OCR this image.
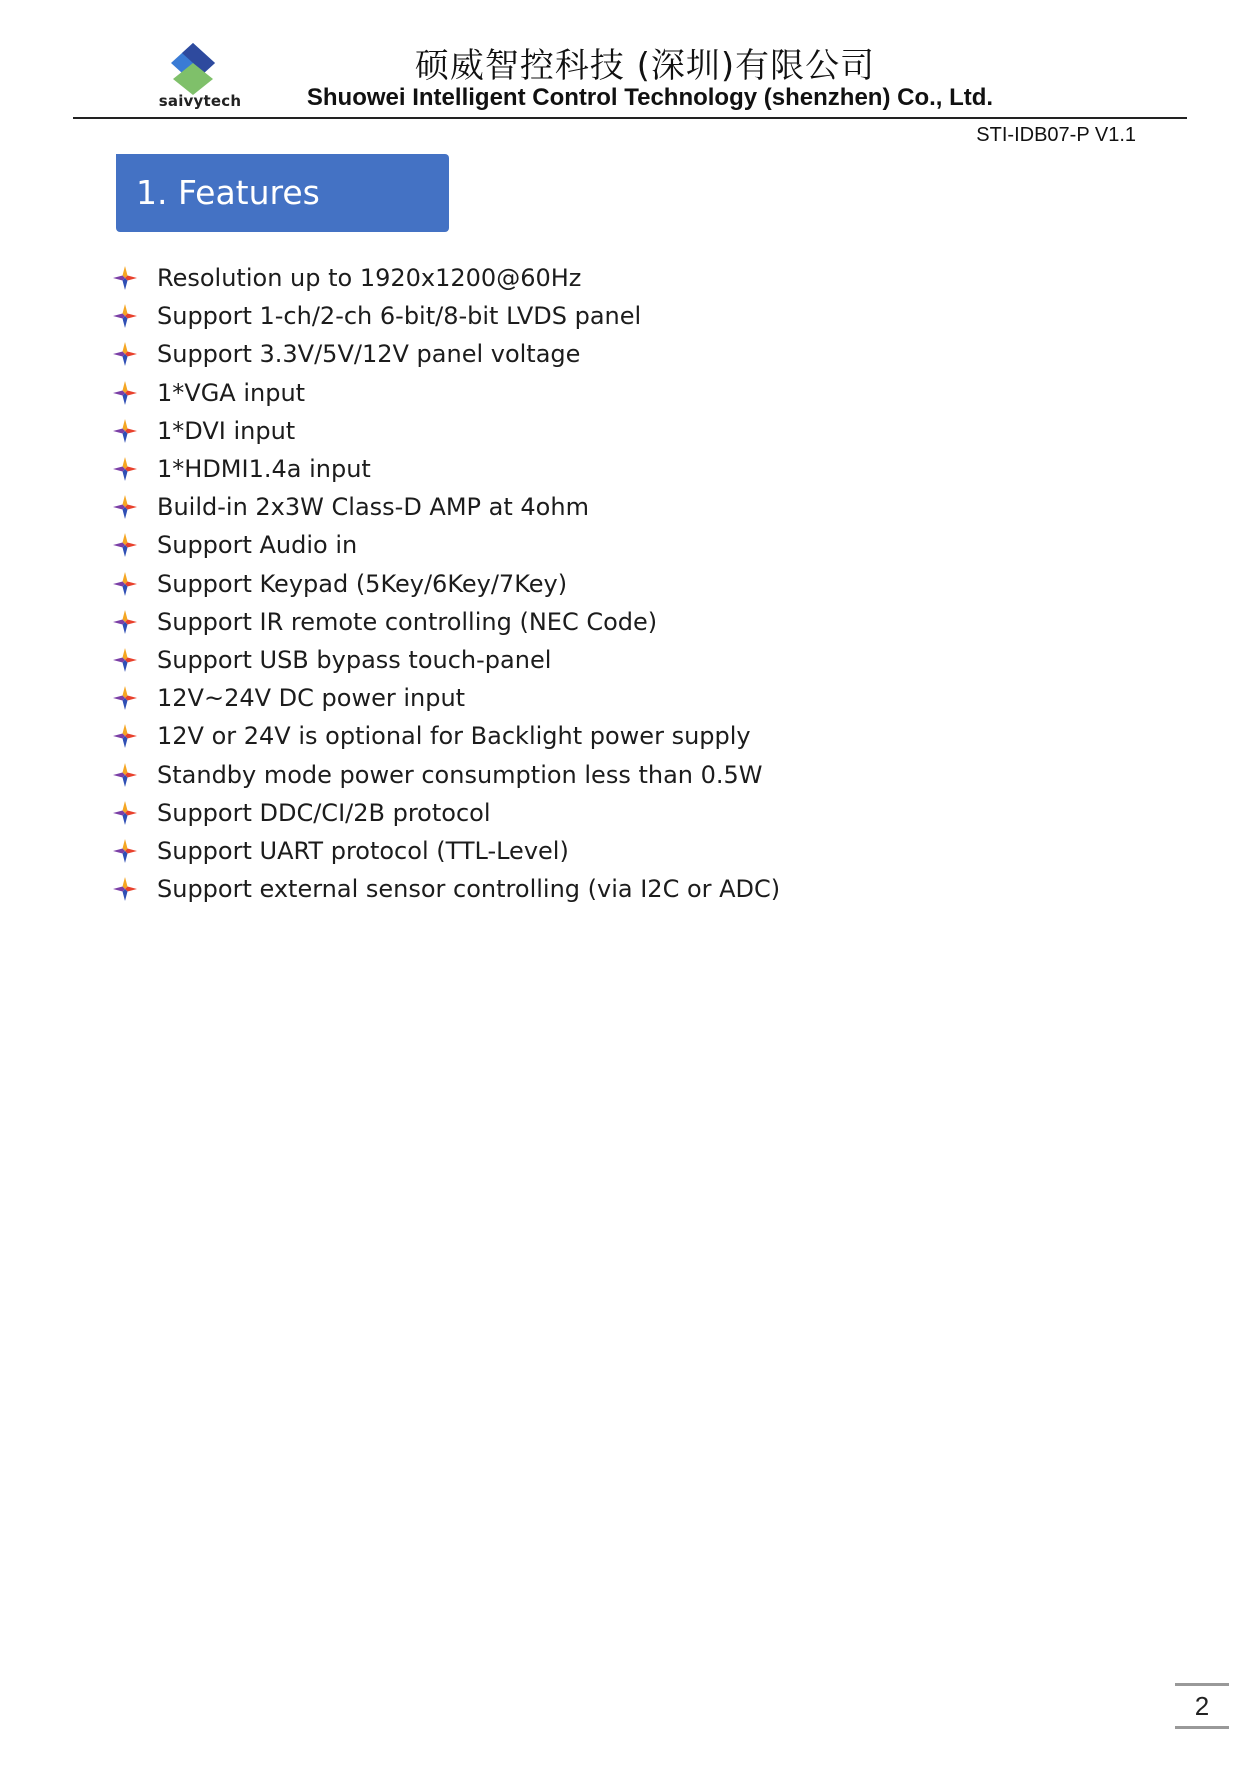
saivytech
硕威智控科技 (深圳)有限公司
Shuowei Intelligent Control Technology (shenzhen) Co., Ltd.
STI-IDB07-P V1.1
1. Features
Resolution up to 1920x1200@60Hz
Support 1-ch/2-ch 6-bit/8-bit LVDS panel
Support 3.3V/5V/12V panel voltage
1*VGA input
1*DVI input
1*HDMI1.4a input
Build-in 2x3W Class-D AMP at 4ohm
Support Audio in
Support Keypad (5Key/6Key/7Key)
Support IR remote controlling (NEC Code)
Support USB bypass touch-panel
12V~24V DC power input
12V or 24V is optional for Backlight power supply
Standby mode power consumption less than 0.5W
Support DDC/CI/2B protocol
Support UART protocol (TTL-Level)
Support external sensor controlling (via I2C or ADC)
2
